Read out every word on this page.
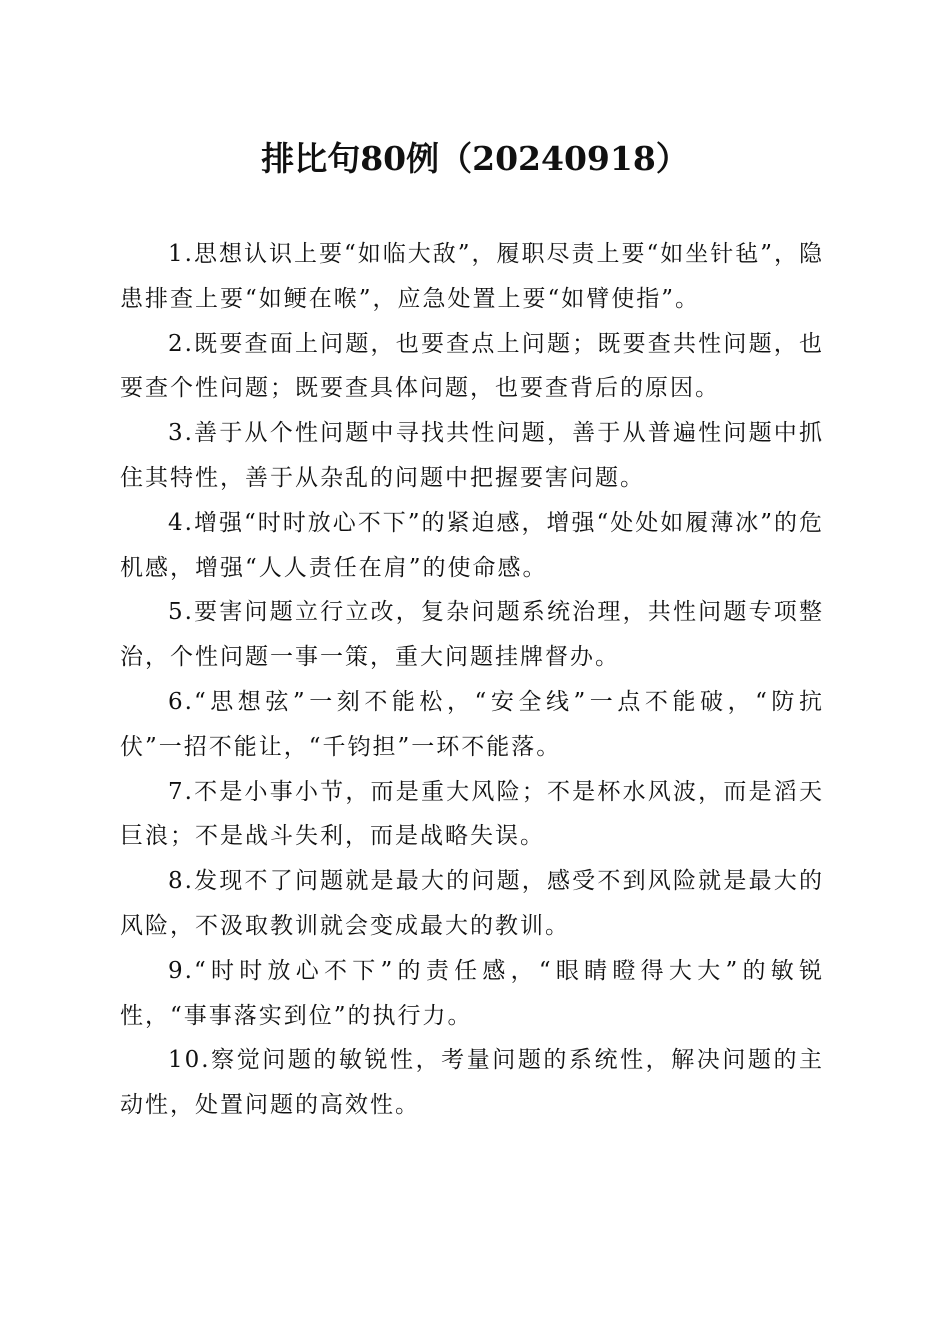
排比句80例（20240918）

1.思想认识上要“如临大敌”，履职尽责上要“如坐针毡”，隐患排查上要“如鲠在喉”，应急处置上要“如臂使指”。

2.既要查面上问题，也要查点上问题；既要查共性问题，也要查个性问题；既要查具体问题，也要查背后的原因。

3.善于从个性问题中寻找共性问题，善于从普遍性问题中抓住其特性，善于从杂乱的问题中把握要害问题。

4.增强“时时放心不下”的紧迫感，增强“处处如履薄冰”的危机感，增强“人人责任在肩”的使命感。

5.要害问题立行立改，复杂问题系统治理，共性问题专项整治，个性问题一事一策，重大问题挂牌督办。

6.“思想弦”一刻不能松，“安全线”一点不能破，“防抗伏”一招不能让，“千钧担”一环不能落。

7.不是小事小节，而是重大风险；不是杯水风波，而是滔天巨浪；不是战斗失利，而是战略失误。

8.发现不了问题就是最大的问题，感受不到风险就是最大的风险，不汲取教训就会变成最大的教训。

9.“时时放心不下”的责任感，“眼睛瞪得大大”的敏锐性，“事事落实到位”的执行力。

10.察觉问题的敏锐性，考量问题的系统性，解决问题的主动性，处置问题的高效性。
